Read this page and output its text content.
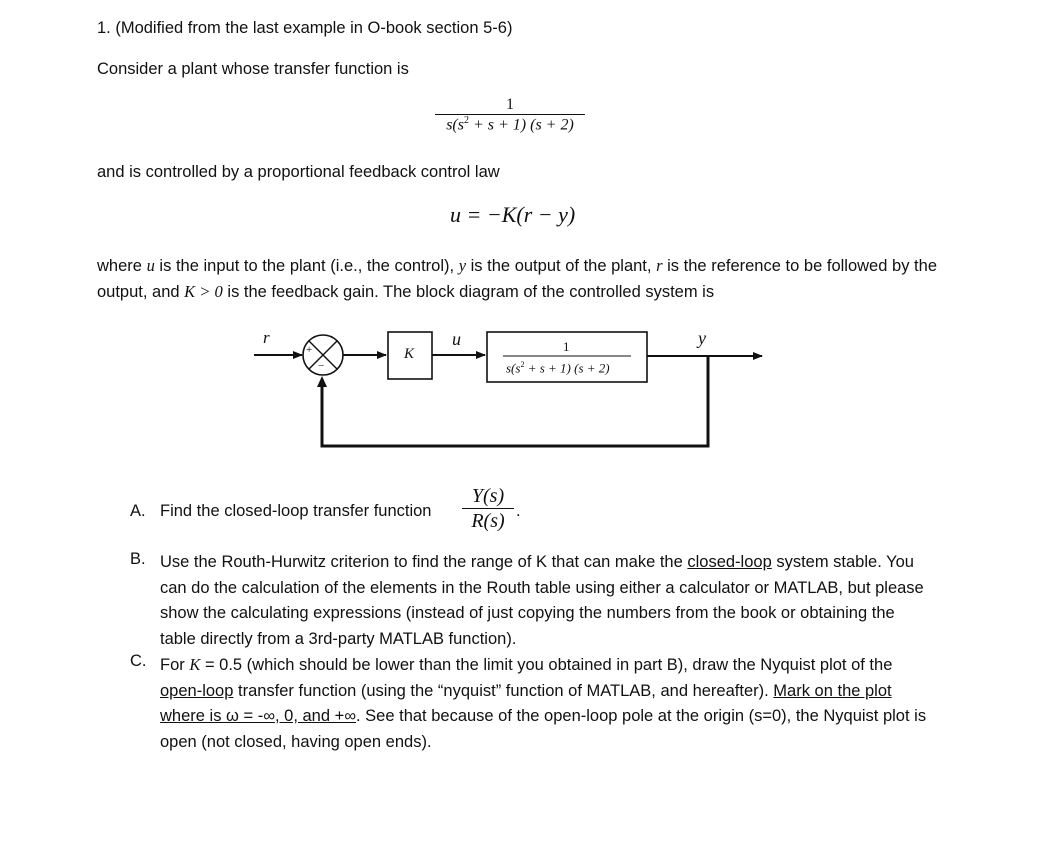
1. (Modified from the last example in O-book section 5-6)
Consider a plant whose transfer function is
1
$s(s^2 + s + 1) (s + 2)$
and is controlled by a proportional feedback control law
u = −K(r − y)
where u is the input to the plant (i.e., the control), y is the output of the plant, r is the reference to be followed by the output, and K > 0 is the feedback gain. The block diagram of the controlled system is
r
+
−
K
u	y
1
$s(s^2 + s + 1) (s + 2)$
A. Find the closed-loop transfer function
Y(s)
R(s) .
B. Use the Routh-Hurwitz criterion to find the range of K that can make the closed-loop system stable. You can do the calculation of the elements in the Routh table using either a calculator or MATLAB, but please show the calculating expressions (instead of just copying the numbers from the book or obtaining the table directly from a 3rd-party MATLAB function).
C. For K = 0.5 (which should be lower than the limit you obtained in part B), draw the Nyquist plot of the open-loop transfer function (using the “nyquist” function of MATLAB, and hereafter). Mark on the plot where is ω = -∞, 0, and +∞. See that because of the open-loop pole at the origin (s=0), the Nyquist plot is open (not closed, having open ends).
